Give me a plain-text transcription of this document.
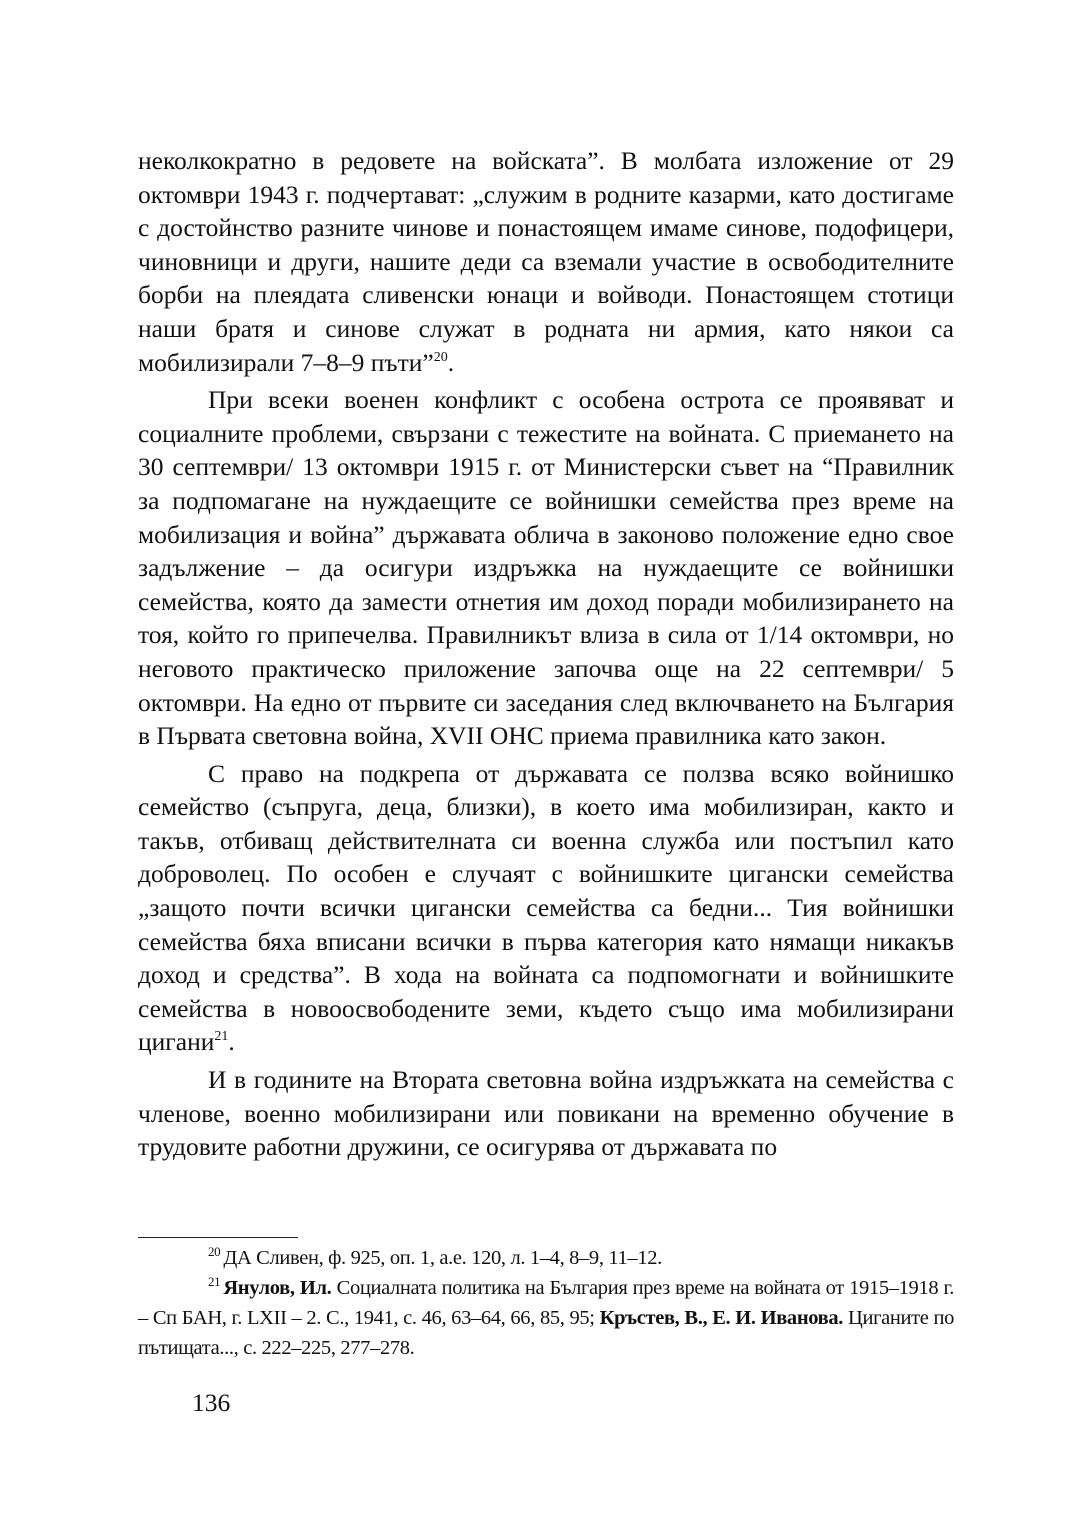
неколкократно в редовете на войската”. В молбата изложение от 29 октомври 1943 г. подчертават: „служим в родните казарми, като достигаме с достойнство разните чинове и понастоящем имаме синове, подофицери, чиновници и други, нашите деди са вземали участие в освободителните борби на плеядата сливенски юнаци и войводи. Понастоящем стотици наши братя и синове служат в родната ни армия, като някои са мобилизирали 7–8–9 пъти”$^{20}$.

При всеки военен конфликт с особена острота се проявяват и социалните проблеми, свързани с тежестите на войната. С приемането на 30 септември/ 13 октомври 1915 г. от Министерски съвет на “Правилник за подпомагане на нуждаещите се войнишки семейства през време на мобилизация и война” държавата облича в законово положение едно свое задължение – да осигури издръжка на нуждаещите се войнишки семейства, която да замести отнетия им доход поради мобилизирането на тоя, който го припечелва. Правилникът влиза в сила от 1/14 октомври, но неговото практическо приложение започва още на 22 септември/ 5 октомври. На едно от първите си заседания след включването на България в Първата световна война, XVII ОНС приема правилника като закон.

С право на подкрепа от държавата се ползва всяко войнишко семейство (съпруга, деца, близки), в което има мобилизиран, както и такъв, отбиващ действителната си военна служба или постъпил като доброволец. По особен е случаят с войнишките цигански семейства „защото почти всички цигански семейства са бедни... Тия войнишки семейства бяха вписани всички в първа категория като нямащи никакъв доход и средства”. В хода на войната са подпомогнати и войнишките семейства в новоосвободените земи, където също има мобилизирани цигани$^{21}$.

И в годините на Втората световна война издръжката на семейства с членове, военно мобилизирани или повикани на временно обучение в трудовите работни дружини, се осигурява от държавата по

$^{20}$ ДА Сливен, ф. 925, оп. 1, а.е. 120, л. 1–4, 8–9, 11–12.

$^{21}$ Янулов, Ил. Социалната политика на България през време на войната от 1915–1918 г. – Сп БАН, г. LXII – 2. С., 1941, с. 46, 63–64, 66, 85, 95; Кръстев, В., Е. И. Иванова. Циганите по пътищата..., с. 222–225, 277–278.

136
